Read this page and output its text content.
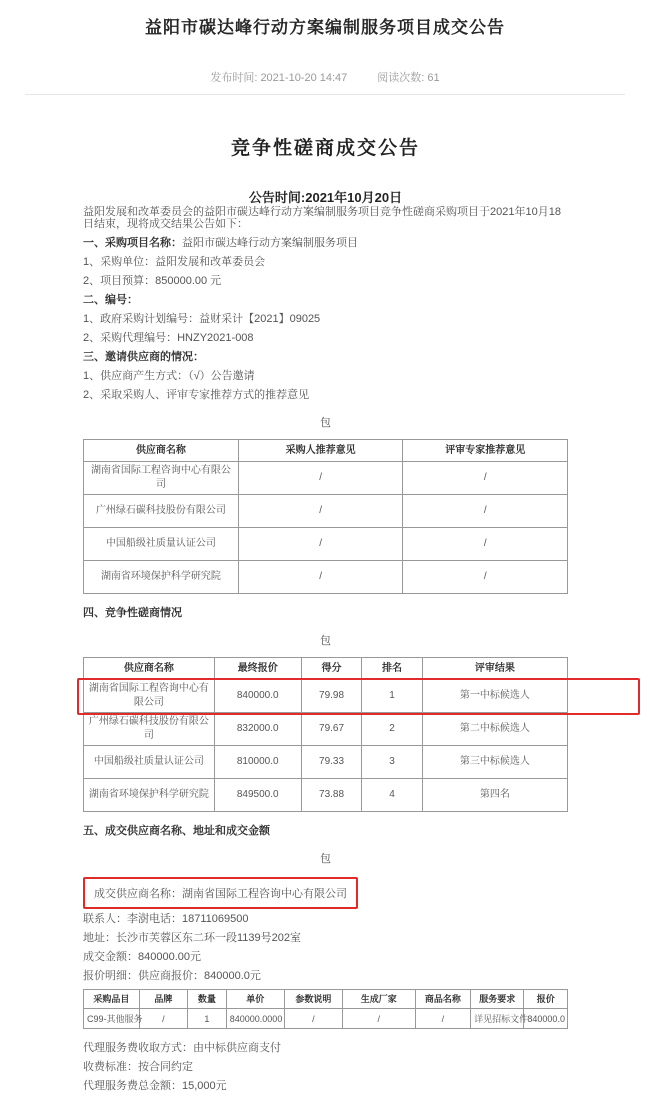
益阳市碳达峰行动方案编制服务项目成交公告
发布时间: 2021-10-20 14:47	阅读次数: 61
竞争性磋商成交公告
公告时间:2021年10月20日

益阳发展和改革委员会的益阳市碳达峰行动方案编制服务项目竞争性磋商采购项目于2021年10月18日结束，现将成交结果公告如下：

一、采购项目名称：益阳市碳达峰行动方案编制服务项目

1、采购单位：益阳发展和改革委员会

2、项目预算：850000.00 元

二、编号：

1、政府采购计划编号：益财采计【2021】09025

2、采购代理编号：HNZY2021-008

三、邀请供应商的情况：

1、供应商产生方式：（√）公告邀请

2、采取采购人、评审专家推荐方式的推荐意见

包
供应商名称	采购人推荐意见	评审专家推荐意见
湖南省国际工程咨询中心有限公司	/	/
广州绿石碳科技股份有限公司	/	/
中国船级社质量认证公司	/	/
湖南省环境保护科学研究院	/	/

四、竞争性磋商情况

包
供应商名称	最终报价	得分	排名	评审结果
湖南省国际工程咨询中心有限公司	840000.0	79.98	1	第一中标候选人
广州绿石碳科技股份有限公司	832000.0	79.67	2	第二中标候选人
中国船级社质量认证公司	810000.0	79.33	3	第三中标候选人
湖南省环境保护科学研究院	849500.0	73.88	4	第四名

五、成交供应商名称、地址和成交金额

包
成交供应商名称：湖南省国际工程咨询中心有限公司

联系人：李澍电话：18711069500

地址：长沙市芙蓉区东二环一段1139号202室

成交金额：840000.00元

报价明细：供应商报价：840000.0元

采购品目	品牌	数量	单价	参数说明	生成厂家	商品名称	服务要求	报价
C99-其他服务	/	1	840000.0000	/	/	/	详见招标文件	840000.0

代理服务费收取方式：由中标供应商支付

收费标准：按合同约定

代理服务费总金额：15,000元
